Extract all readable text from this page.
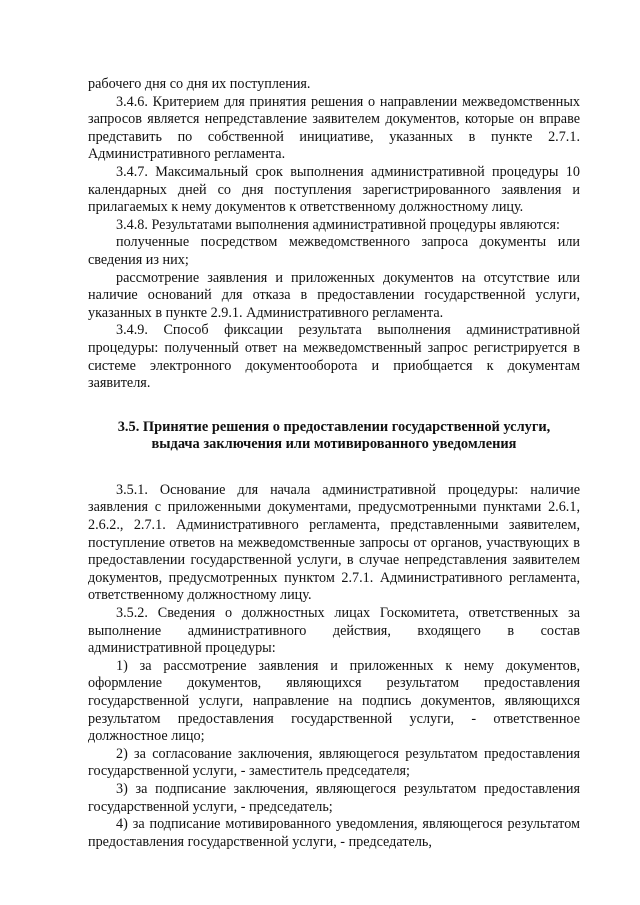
рабочего дня со дня их поступления.

3.4.6. Критерием для принятия решения о направлении межведомственных запросов является непредставление заявителем документов, которые он вправе представить по собственной инициативе, указанных в пункте 2.7.1. Административного регламента.

3.4.7. Максимальный срок выполнения административной процедуры 10 календарных дней со дня поступления зарегистрированного заявления и прилагаемых к нему документов к ответственному должностному лицу.

3.4.8. Результатами выполнения административной процедуры являются:

полученные посредством межведомственного запроса документы или сведения из них;

рассмотрение заявления и приложенных документов на отсутствие или наличие оснований для отказа в предоставлении государственной услуги, указанных в пункте 2.9.1. Административного регламента.

3.4.9. Способ фиксации результата выполнения административной процедуры: полученный ответ на межведомственный запрос регистрируется в системе электронного документооборота и приобщается к документам заявителя.

3.5. Принятие решения о предоставлении государственной услуги,
выдача заключения или мотивированного уведомления

3.5.1. Основание для начала административной процедуры: наличие заявления с приложенными документами, предусмотренными пунктами 2.6.1, 2.6.2., 2.7.1. Административного регламента, представленными заявителем, поступление ответов на межведомственные запросы от органов, участвующих в предоставлении государственной услуги, в случае непредставления заявителем документов, предусмотренных пунктом 2.7.1. Административного регламента, ответственному должностному лицу.

3.5.2. Сведения о должностных лицах Госкомитета, ответственных за выполнение административного действия, входящего в состав административной процедуры:

1) за рассмотрение заявления и приложенных к нему документов, оформление документов, являющихся результатом предоставления государственной услуги, направление на подпись документов, являющихся результатом предоставления государственной услуги, - ответственное должностное лицо;

2) за согласование заключения, являющегося результатом предоставления государственной услуги, - заместитель председателя;

3) за подписание заключения, являющегося результатом предоставления государственной услуги, - председатель;

4) за подписание мотивированного уведомления, являющегося результатом предоставления государственной услуги, - председатель,
